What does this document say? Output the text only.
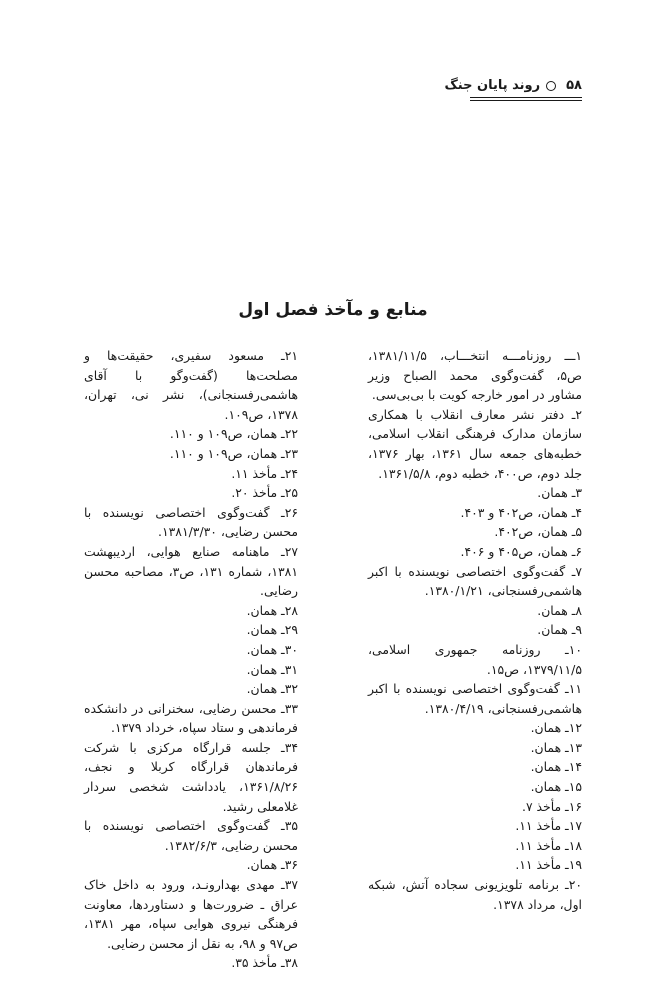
۵۸
روند پایان جنگ
منابع و مآخذ فصل اول

۱ـــ روزنامـــه انتخـــاب، ۱۳۸۱/۱۱/۵، ص۵، گفت‌وگوی محمد الصباح وزیر مشاور در امور خارجه کویت با بی‌بی‌سی.

۲ـ دفتر نشر معارف انقلاب با همکاری سازمان مدارک فرهنگی انقلاب اسلامی، خطبه‌های جمعه سال ۱۳۶۱، بهار ۱۳۷۶، جلد دوم، ص۴۰۰، خطبه دوم، ۱۳۶۱/۵/۸.

۳ـ همان.

۴ـ همان، ص۴۰۲ و ۴۰۳.

۵ـ همان، ص۴۰۲.

۶ـ همان، ص۴۰۵ و ۴۰۶.

۷ـ گفت‌وگوی اختصاصی نویسنده با اکبر هاشمی‌رفسنجانی، ۱۳۸۰/۱/۲۱.

۸ـ همان.

۹ـ همان.

۱۰ـ روزنامه جمهوری اسلامی، ۱۳۷۹/۱۱/۵، ص۱۵.

۱۱ـ گفت‌وگوی اختصاصی نویسنده با اکبر هاشمی‌رفسنجانی، ۱۳۸۰/۴/۱۹.

۱۲ـ همان.

۱۳ـ همان.

۱۴ـ همان.

۱۵ـ همان.

۱۶ـ مأخذ ۷.

۱۷ـ مأخذ ۱۱.

۱۸ـ مأخذ ۱۱.

۱۹ـ مأخذ ۱۱.

۲۰ـ برنامه تلویزیونی سجاده آتش، شبکه اول، مرداد ۱۳۷۸.

۲۱ـ مسعود سفیری، حقیقت‌ها و مصلحت‌ها (گفت‌وگو با آقای هاشمی‌رفسنجانی)، نشر نی، تهران، ۱۳۷۸، ص۱۰۹.

۲۲ـ همان، ص۱۰۹ و ۱۱۰.

۲۳ـ همان، ص۱۰۹ و ۱۱۰.

۲۴ـ مأخذ ۱۱.

۲۵ـ مأخذ ۲۰.

۲۶ـ گفت‌وگوی اختصاصی نویسنده با محسن رضایی، ۱۳۸۱/۳/۳۰.

۲۷ـ ماهنامه صنایع هوایی، اردیبهشت ۱۳۸۱، شماره ۱۳۱، ص۳، مصاحبه محسن رضایی.

۲۸ـ همان.

۲۹ـ همان.

۳۰ـ همان.

۳۱ـ همان.

۳۲ـ همان.

۳۳ـ محسن رضایی، سخنرانی در دانشکده فرماندهی و ستاد سپاه، خرداد ۱۳۷۹.

۳۴ـ جلسه قرارگاه مرکزی با شرکت فرماندهان قرارگاه کربلا و نجف، ۱۳۶۱/۸/۲۶، یادداشت شخصی سردار غلامعلی رشید.

۳۵ـ گفت‌وگوی اختصاصی نویسنده با محسن رضایی، ۱۳۸۲/۶/۳.

۳۶ـ همان.

۳۷ـ مهدی بهدارونـد، ورود به داخل خاک عراق ـ ضرورت‌ها و دستاوردها، معاونت فرهنگی نیروی هوایی سپاه، مهر ۱۳۸۱، ص۹۷ و ۹۸، به نقل از محسن رضایی.

۳۸ـ مأخذ ۳۵.
